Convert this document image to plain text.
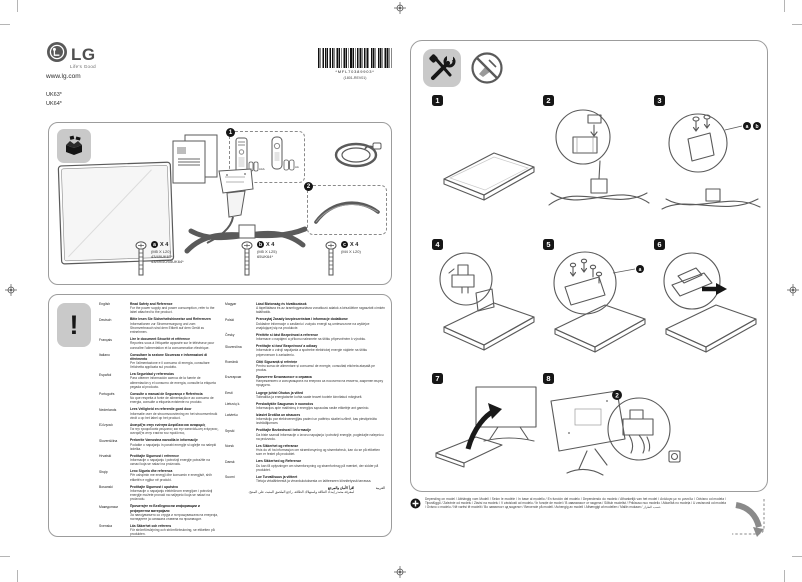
LG
Life's Good
www.lg.com
UK63*
UK64*
*MFL70389903*
(1801-REV01)
1
AAA	AA
2
a X 4
(M5 X L20)
43/49UK63*
43/49/50/55UK64*
b X 4
(M5 X L25)
65UK64*
c X 4
(M4 X L20)
!
English	Read Safety and Reference
For the power supply and power consumption, refer to the label attached to the product.
Deutsch	Bitte lesen Sie Sicherheitshinweise und Referenzen
Informationen zur Stromversorgung und zum Stromverbrauch sind dem Etikett auf dem Gerät zu entnehmen.
Français	Lire le document Sécurité et référence
Reportez-vous à l'étiquette apposée sur le téléviseur pour connaître l'alimentation et la consommation électrique.
Italiano	Consultare la sezione Sicurezza e informazioni di riferimento
Per l'alimentazione e il consumo di energia, consultare l'etichetta applicata sul prodotto.
Español	Lea Seguridad y referencias
Para obtener información acerca de la fuente de alimentación y el consumo de energía, consulte la etiqueta pegada al producto.
Português	Consulte o manual de Segurança e Referência
No que respeita à fonte de alimentação e ao consumo de energia, consulte a etiqueta existente no produto.
Nederlands	Lees Veiligheid en referentie goed door
Informatie over de stroomvoorziening en het stroomverbruik vindt u op het label op het product.
Ελληνικά	Ανατρέξτε στην ενότητα Ασφάλεια και αναφορές
Για την τροφοδοσία ρεύματος και την κατανάλωση ενέργειας, ανατρέξτε στην ετικέτα του προϊόντος.
Slovenščina	Preberite Varnostna navodila in informacije
Podatke o napajanju in porabi energije si oglejte na nalepki izdelka.
Hrvatski	Pročitajte Sigurnost i reference
Informacije o napajanju i potrošnji energije potražite na oznaci koja se nalazi na proizvodu.
Shqip	Lexo Siguria dhe referenca
Për ushqimin me energji dhe konsumin e energjisë, shih etiketën e ngjitur në produkt.
Bosanski	Pročitajte Sigurnost i uputstvo
Informacije o napajanju električnom energijom i potrošnji energije možete pronaći na naljepnici koja se nalazi na proizvodu.
Македонски	Прочитајте ги Безбедносни информации и референтни материјали
За напојувањето со струја и потрошувачката на енергија, погледнете ја ознаката ставена на производот.
Svenska	Läs Säkerhet och referens
För strömförsörjning och strömförbrukning, se etiketten på produkten.
Magyar	Lásd Biztonság és hivatkozások
A tápellátásra és az áramfogyasztásra vonatkozó adatok a készülékre ragasztott címkén találhatók.
Polski	Przeczytaj Zasady bezpieczeństwa i informacje dodatkowe
Dokładne informacje o zasilaniu i zużyciu energii są umieszczone na wyklejce znajdującej się na produkcie.
Česky	Přečtěte si část Bezpečnost a reference
Informace o napájení a příkonu naleznete na štítku připevněném k výrobku.
Slovenčina	Prečítajte si časť Bezpečnosť a odkazy
Informácie o zdroji napájania a spotrebe elektrickej energie nájdete na štítku pripevnenom k zariadeniu.
Română	Citiți Siguranță și referințe
Pentru sursa de alimentare și consumul de energie, consultați eticheta atașată pe produs.
Български	Прочетете Безопасност и справка
Напрежението и консумацията на енергия са посочени на етикета, закрепен върху продукта.
Eesti	Lugege juhist Ohutus ja viited
Toiteallika ja energiatarbe kohta saate teavet tootele kinnitatud märgiselt.
Lietuvių k.	Perskaitykite Saugumas ir nuorodos
Informacijos apie maitinimą ir energijos sąnaudas rasite etiketėje ant gaminio.
Latviešu	Izlasiet Drošība un atsauces
Informāciju par elektroenerģijas padevi un patēriņu skatiet uzlīmē, kas piestiprināta izstrādājumam.
Srpski	Pročitajte Bezbednost i informacije
Da biste saznali informacije o izvoru napajanja i potrošnji energije, pogledajte nalepnicu na proizvodu.
Norsk	Les Sikkerhet og referanse
Hvis du vil ha informasjon om strømforsyning og strømforbruk, kan du se på etiketten som er festet på produktet.
Dansk	Læs Sikkerhed og Reference
Du kan få oplysninger om strømforsyning og strømforbrug på mærket, der sidder på produktet.
Suomi	Lue Turvallisuus ja viitteet
Tietoja virtalähteestä ja virrankulutuksesta on laitteeseen kiinnitetyssä tarrassa.
العربية
اقرأ الأمان والمرجع
لمعرفة مصدر إمداد الطاقة واستهلاك الطاقة، راجع الملصق المثبت على المنتج.
1	2	3
a b
4	5
a
6
7	8
2
Depending on model / Abhängig vom Modell / Selon le modèle / In base al modello / En función del modelo / Dependendo do modelo / Afhankelijk van het model / Ανάλογα με το μοντέλο / Odvisno od modela / Tipusfüggő / Zależnie od modelu / Závisí na modelu / V závislosti od modelu / În funcție de model / В зависимост от модела / Sõltub mudelist / Priklauso nuo modelio / Atkarībā no modeļa / U zavisnosti od modela / Ovisno o modelu / Në varësi të modelit / Во зависност од моделот / Beroende på modell / Avhengig av modell / Afhængigt af modellen / Mallin mukaan / حسب الطراز
